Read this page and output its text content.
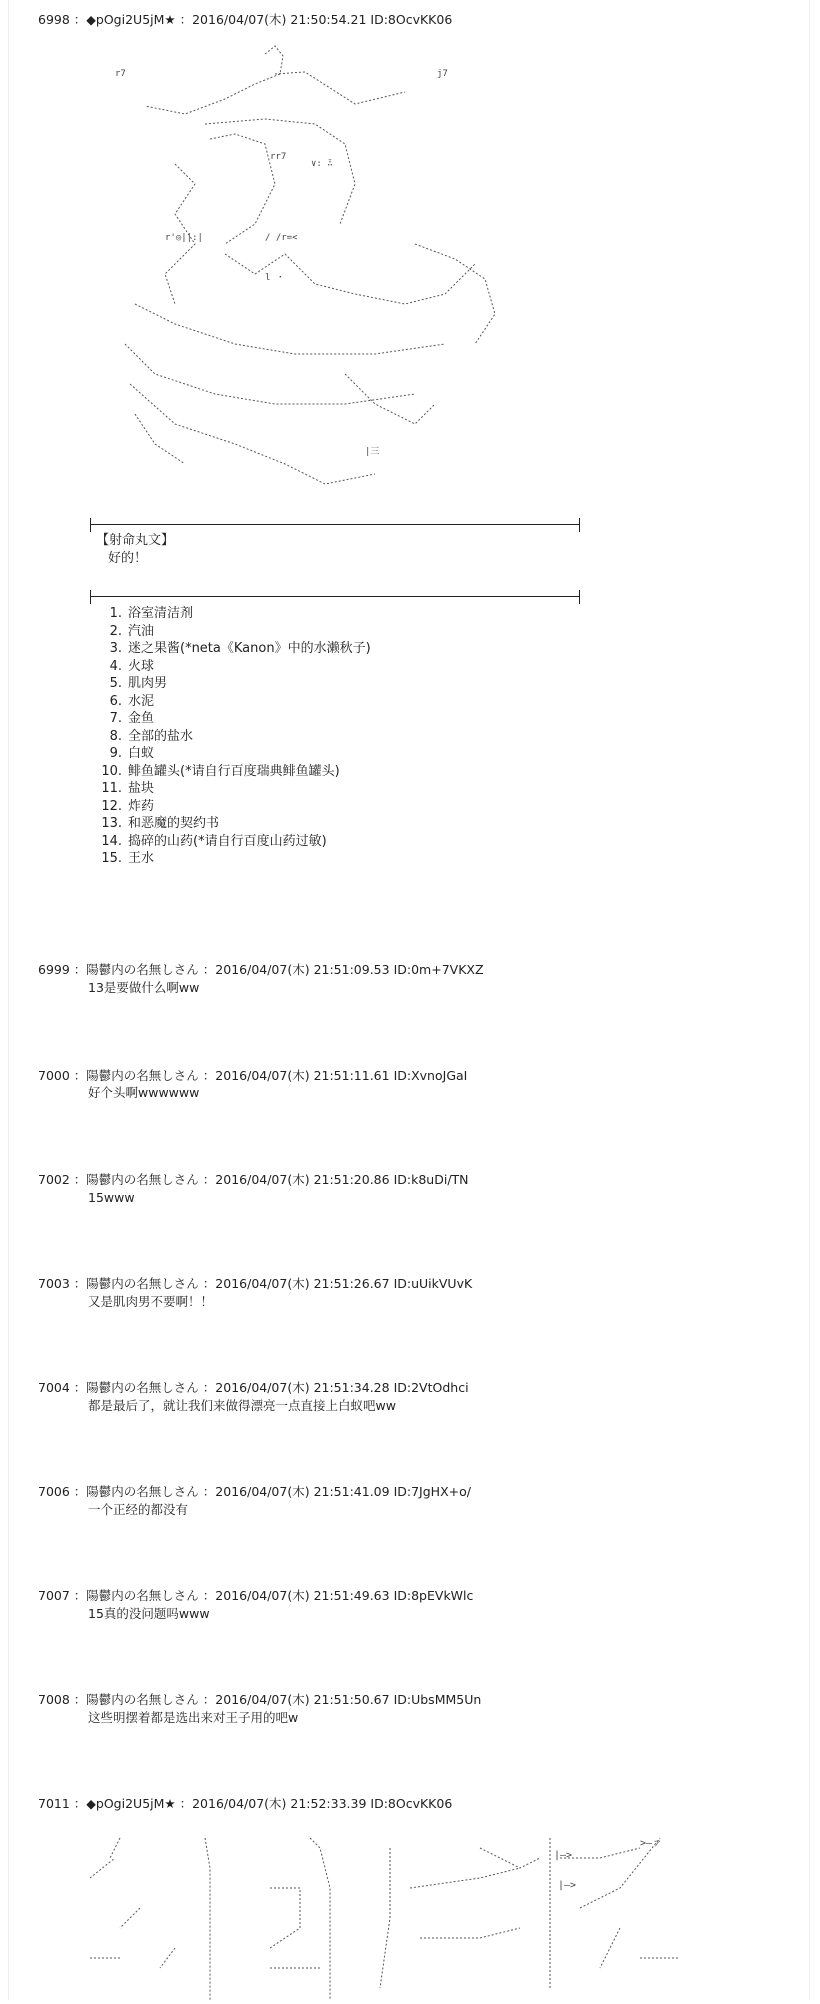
6998 ：◆pOgi2U5jM★ ：2016/04/07(木) 21:50:54.21 ID:8OcvKK06
r7	j7
rr7
r'◎||:|	/ /r=<
∨: ̄∴
l ・
|三
【射命丸文】
好的！
1. 浴室清洁剂
2. 汽油
3. 迷之果酱(*neta《Kanon》中的水濑秋子)
4. 火球
5. 肌肉男
6. 水泥
7. 金鱼
8. 全部的盐水
9. 白蚁
10. 鲱鱼罐头(*请自行百度瑞典鲱鱼罐头)
11. 盐块
12. 炸药
13. 和恶魔的契约书
14. 捣碎的山药(*请自行百度山药过敏)
15. 王水
6999 ：陽鬱内の名無しさん ：2016/04/07(木) 21:51:09.53 ID:0m+7VKXZ
13是要做什么啊ww
7000 ：陽鬱内の名無しさん ：2016/04/07(木) 21:51:11.61 ID:XvnoJGaI
好个头啊wwwwww
7002 ：陽鬱内の名無しさん ：2016/04/07(木) 21:51:20.86 ID:k8uDi/TN
15www
7003 ：陽鬱内の名無しさん ：2016/04/07(木) 21:51:26.67 ID:uUikVUvK
又是肌肉男不要啊！！
7004 ：陽鬱内の名無しさん ：2016/04/07(木) 21:51:34.28 ID:2VtOdhci
都是最后了，就让我们来做得漂亮一点直接上白蚁吧ww
7006 ：陽鬱内の名無しさん ：2016/04/07(木) 21:51:41.09 ID:7JgHX+o/
一个正经的都没有
7007 ：陽鬱内の名無しさん ：2016/04/07(木) 21:51:49.63 ID:8pEVkWlc
15真的没问题吗www
7008 ：陽鬱内の名無しさん ：2016/04/07(木) 21:51:50.67 ID:UbsMM5Un
这些明摆着都是选出来对王子用的吧w
7011 ：◆pOgi2U5jM★ ：2016/04/07(木) 21:52:33.39 ID:8OcvKK06
|—>
>—ァ
|—>
